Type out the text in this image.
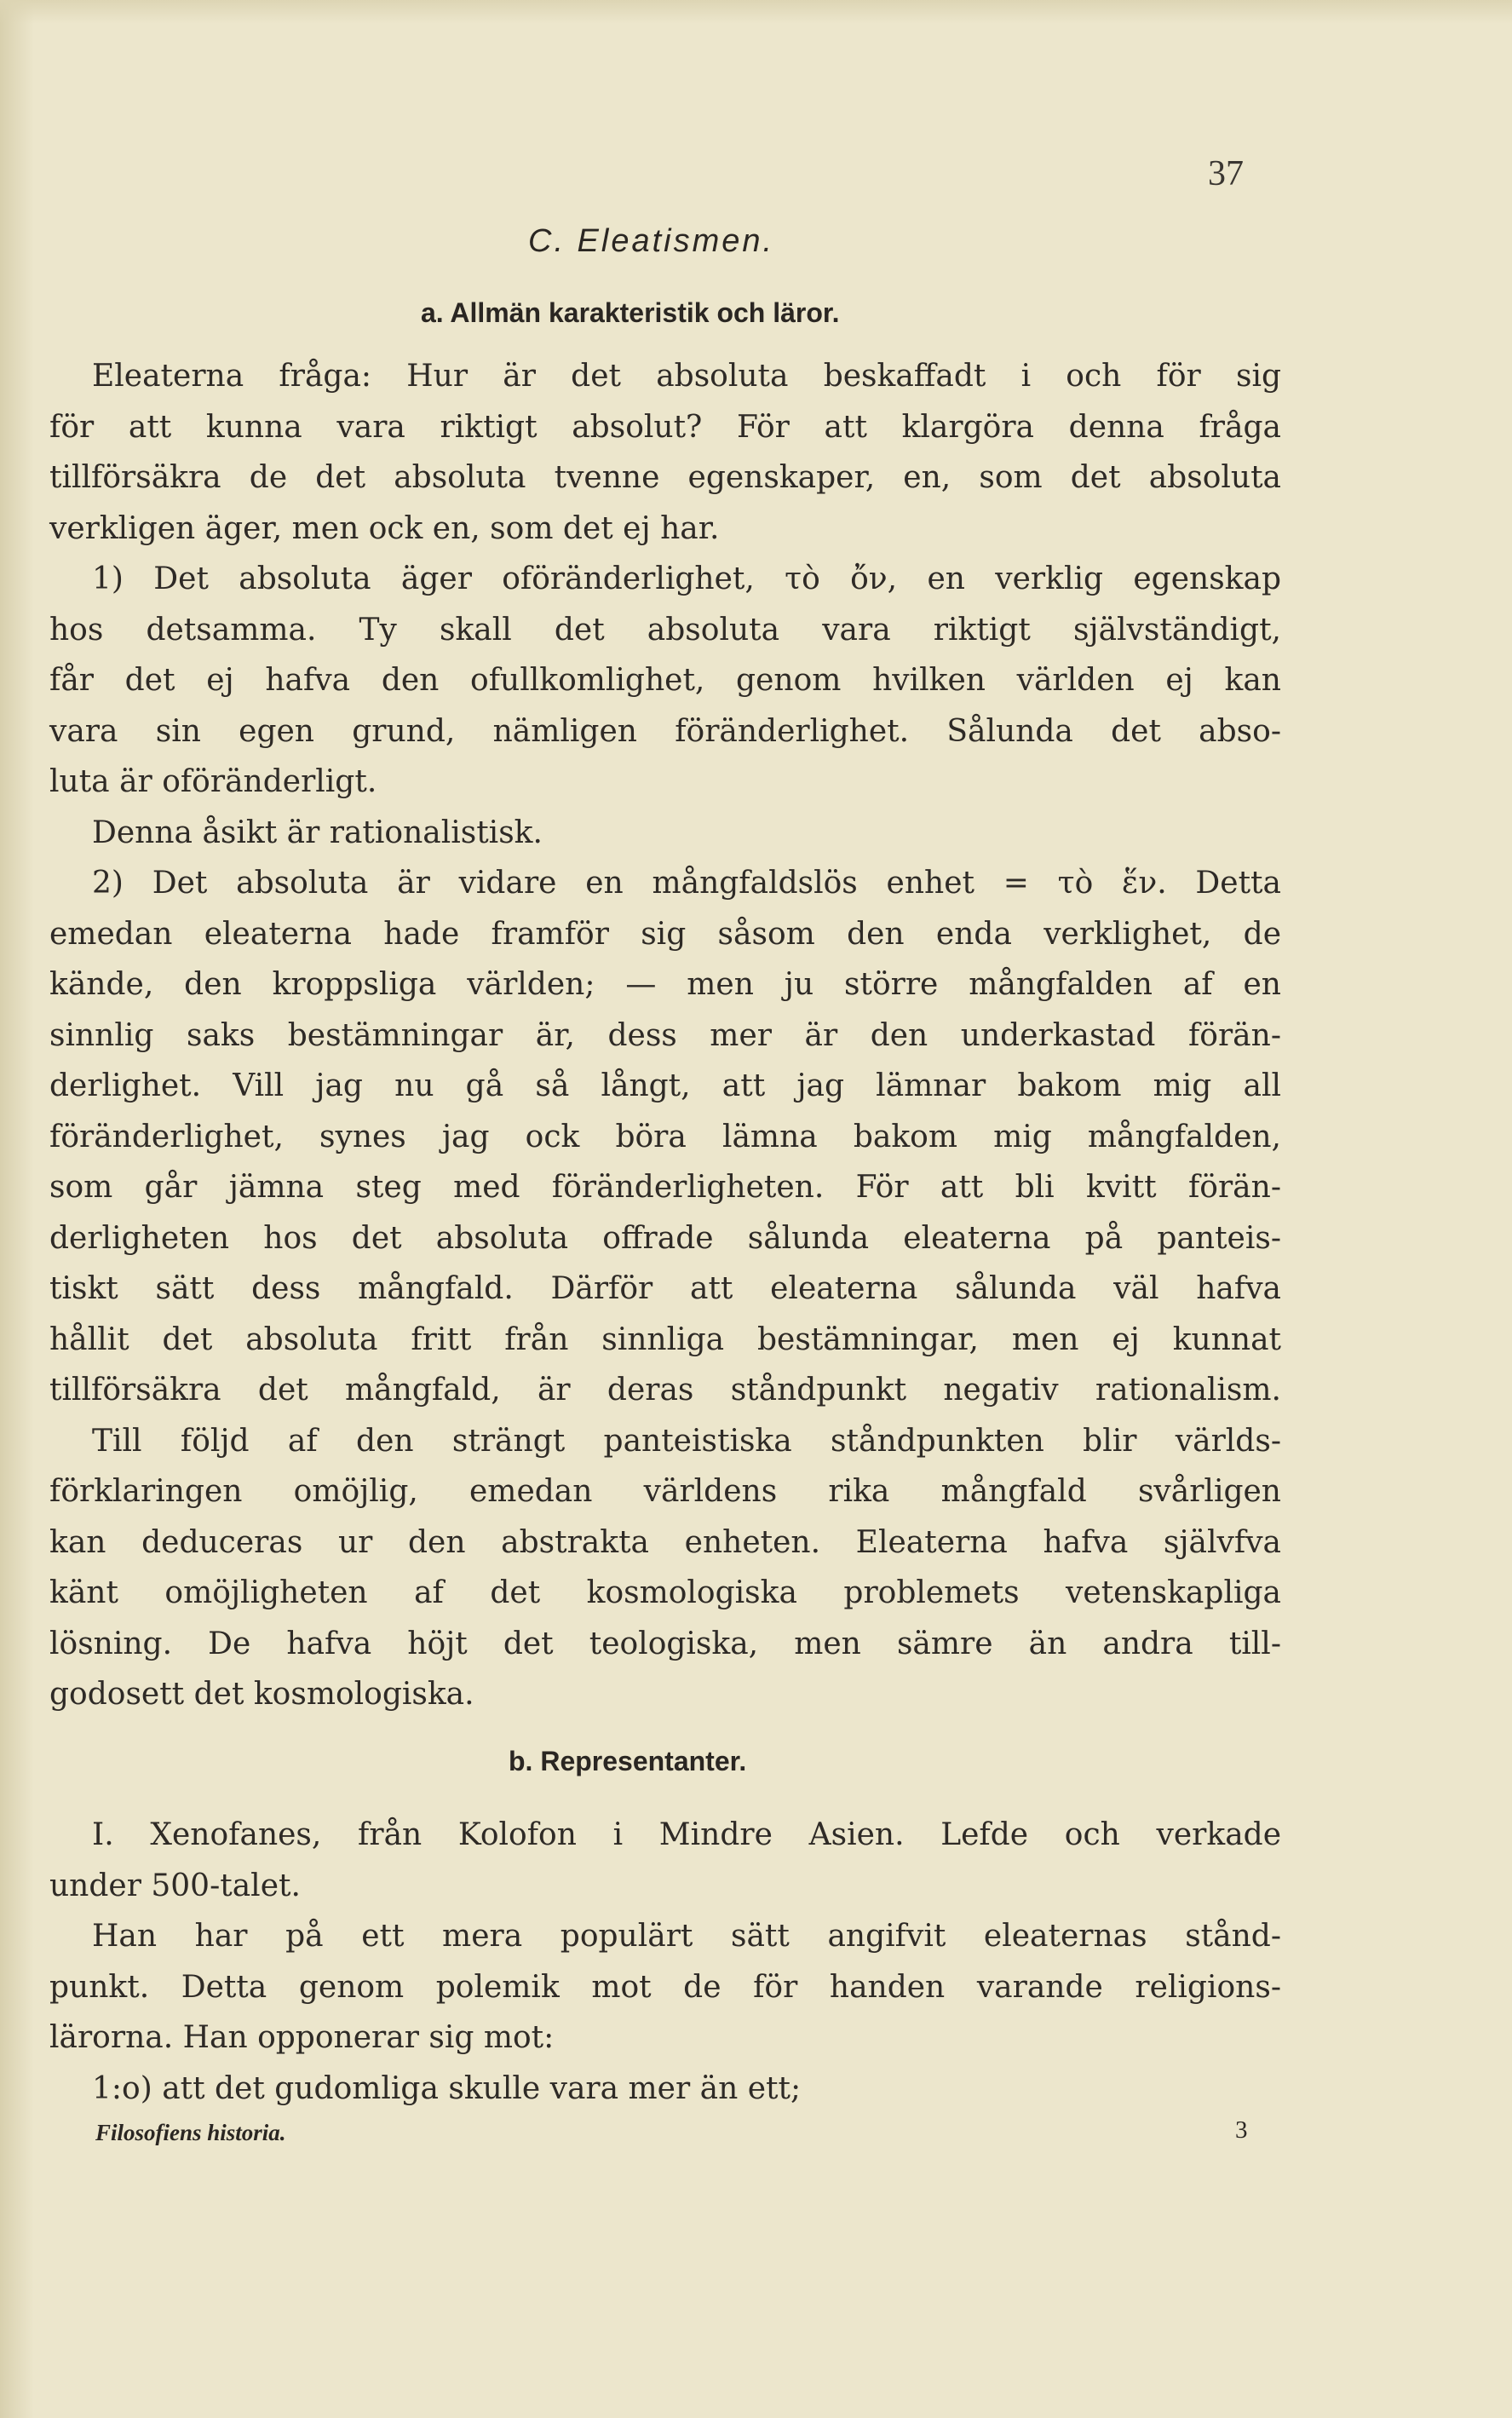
37
C. Eleatismen.
a. Allmän karakteristik och läror.
Eleaterna fråga: Hur är det absoluta beskaffadt i och för sig
för att kunna vara riktigt absolut? För att klargöra denna fråga
tillförsäkra de det absoluta tvenne egenskaper, en, som det absoluta
verkligen äger, men ock en, som det ej har.
1) Det absoluta äger oföränderlighet, τὸ ὄν, en verklig egenskap
hos detsamma. Ty skall det absoluta vara riktigt självständigt,
får det ej hafva den ofullkomlighet, genom hvilken världen ej kan
vara sin egen grund, nämligen föränderlighet. Sålunda det abso-
luta är oföränderligt.
Denna åsikt är rationalistisk.
2) Det absoluta är vidare en mångfaldslös enhet = τὸ ἕν. Detta
emedan eleaterna hade framför sig såsom den enda verklighet, de
kände, den kroppsliga världen; — men ju större mångfalden af en
sinnlig saks bestämningar är, dess mer är den underkastad förän-
derlighet. Vill jag nu gå så långt, att jag lämnar bakom mig all
föränderlighet, synes jag ock böra lämna bakom mig mångfalden,
som går jämna steg med föränderligheten. För att bli kvitt förän-
derligheten hos det absoluta offrade sålunda eleaterna på panteis-
tiskt sätt dess mångfald. Därför att eleaterna sålunda väl hafva
hållit det absoluta fritt från sinnliga bestämningar, men ej kunnat
tillförsäkra det mångfald, är deras ståndpunkt negativ rationalism.
Till följd af den strängt panteistiska ståndpunkten blir världs-
förklaringen omöjlig, emedan världens rika mångfald svårligen
kan deduceras ur den abstrakta enheten. Eleaterna hafva självfva
känt omöjligheten af det kosmologiska problemets vetenskapliga
lösning. De hafva höjt det teologiska, men sämre än andra till-
godosett det kosmologiska.
b. Representanter.
I. Xenofanes, från Kolofon i Mindre Asien. Lefde och verkade
under 500-talet.
Han har på ett mera populärt sätt angifvit eleaternas stånd-
punkt. Detta genom polemik mot de för handen varande religions-
lärorna. Han opponerar sig mot:
1:o) att det gudomliga skulle vara mer än ett;
Filosofiens historia.	3
